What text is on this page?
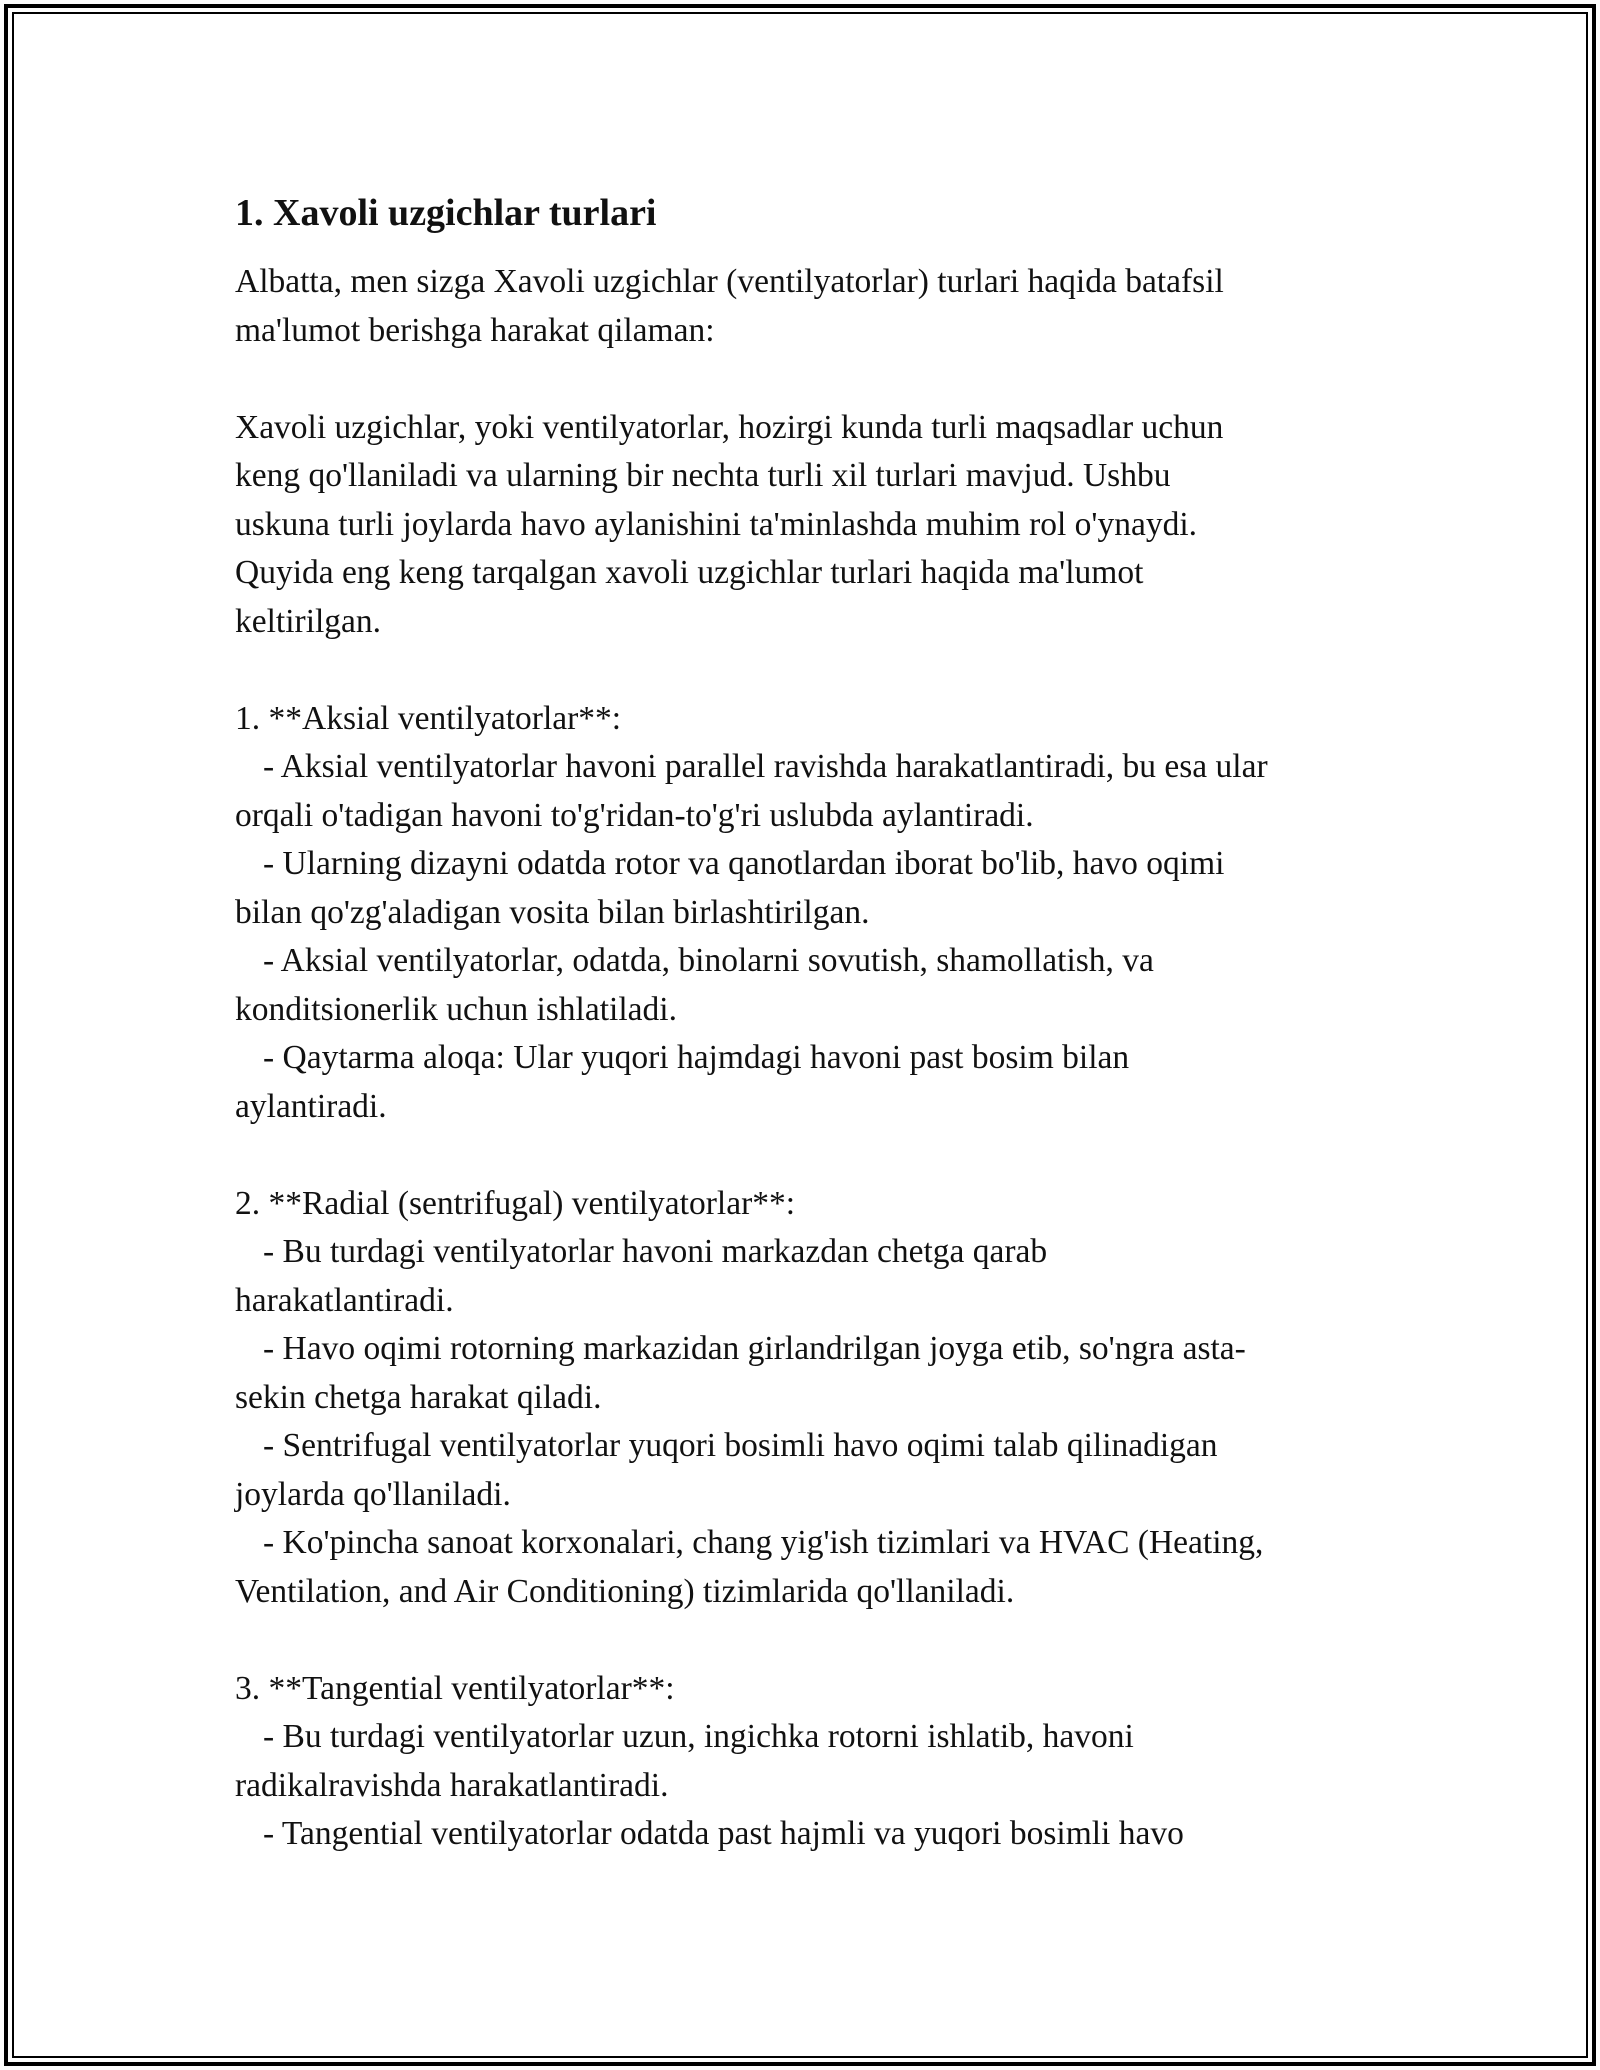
1. Xavoli uzgichlar turlari
Albatta, men sizga Xavoli uzgichlar (ventilyatorlar) turlari haqida batafsil
ma'lumot berishga harakat qilaman:
Xavoli uzgichlar, yoki ventilyatorlar, hozirgi kunda turli maqsadlar uchun
keng qo'llaniladi va ularning bir nechta turli xil turlari mavjud. Ushbu
uskuna turli joylarda havo aylanishini ta'minlashda muhim rol o'ynaydi.
Quyida eng keng tarqalgan xavoli uzgichlar turlari haqida ma'lumot
keltirilgan.
1. **Aksial ventilyatorlar**:
- Aksial ventilyatorlar havoni parallel ravishda harakatlantiradi, bu esa ular
orqali o'tadigan havoni to'g'ridan-to'g'ri uslubda aylantiradi.
- Ularning dizayni odatda rotor va qanotlardan iborat bo'lib, havo oqimi
bilan qo'zg'aladigan vosita bilan birlashtirilgan.
- Aksial ventilyatorlar, odatda, binolarni sovutish, shamollatish, va
konditsionerlik uchun ishlatiladi.
- Qaytarma aloqa: Ular yuqori hajmdagi havoni past bosim bilan
aylantiradi.
2. **Radial (sentrifugal) ventilyatorlar**:
- Bu turdagi ventilyatorlar havoni markazdan chetga qarab
harakatlantiradi.
- Havo oqimi rotorning markazidan girlandrilgan joyga etib, so'ngra asta-
sekin chetga harakat qiladi.
- Sentrifugal ventilyatorlar yuqori bosimli havo oqimi talab qilinadigan
joylarda qo'llaniladi.
- Ko'pincha sanoat korxonalari, chang yig'ish tizimlari va HVAC (Heating,
Ventilation, and Air Conditioning) tizimlarida qo'llaniladi.
3. **Tangential ventilyatorlar**:
- Bu turdagi ventilyatorlar uzun, ingichka rotorni ishlatib, havoni
radikalravishda harakatlantiradi.
- Tangential ventilyatorlar odatda past hajmli va yuqori bosimli havo
